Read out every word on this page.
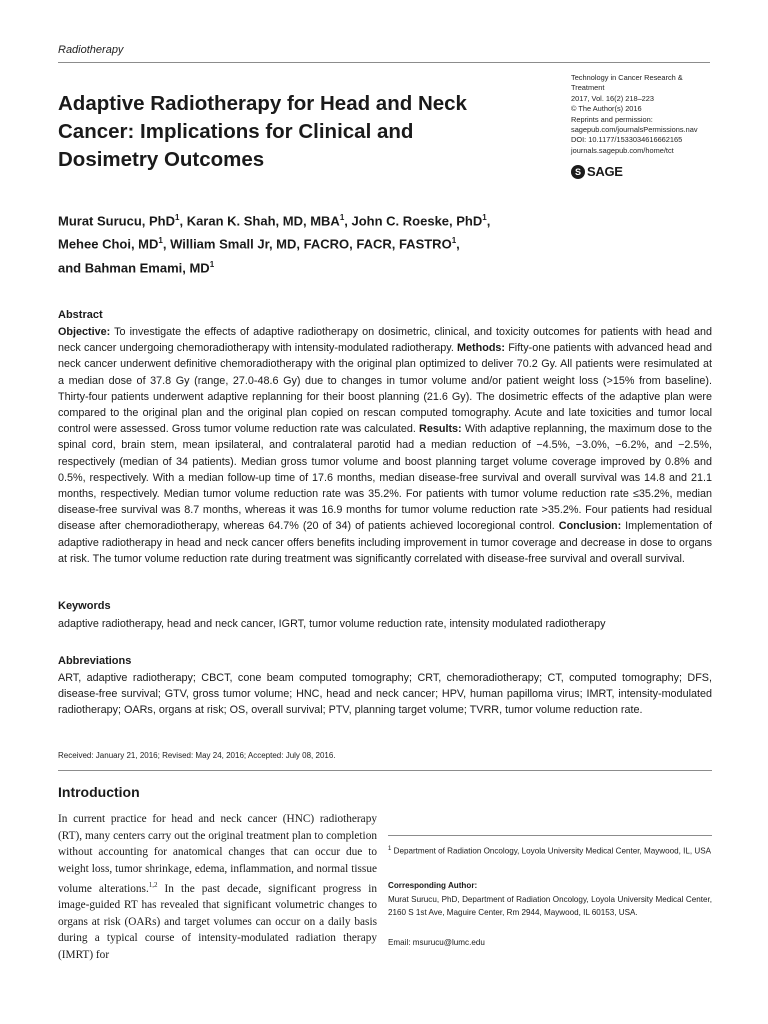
Radiotherapy
Adaptive Radiotherapy for Head and Neck Cancer: Implications for Clinical and Dosimetry Outcomes
Technology in Cancer Research &
Treatment
2017, Vol. 16(2) 218–223
© The Author(s) 2016
Reprints and permission:
sagepub.com/journalsPermissions.nav
DOI: 10.1177/1533034616662165
journals.sagepub.com/home/tct
S SAGE
Murat Surucu, PhD$^1$, Karan K. Shah, MD, MBA$^1$, John C. Roeske, PhD$^1$,
Mehee Choi, $MD^1$, William Small Jr, MD, FACRO, FACR, FASTRO$^1$,
and Bahman Emami, $MD^1$
Abstract

Objective: To investigate the effects of adaptive radiotherapy on dosimetric, clinical, and toxicity outcomes for patients with head and neck cancer undergoing chemoradiotherapy with intensity-modulated radiotherapy. Methods: Fifty-one patients with advanced head and neck cancer underwent definitive chemoradiotherapy with the original plan optimized to deliver 70.2 Gy. All patients were resimulated at a median dose of 37.8 Gy (range, 27.0-48.6 Gy) due to changes in tumor volume and/or patient weight loss (>15% from baseline). Thirty-four patients underwent adaptive replanning for their boost planning (21.6 Gy). The dosimetric effects of the adaptive plan were compared to the original plan and the original plan copied on rescan computed tomography. Acute and late toxicities and tumor local control were assessed. Gross tumor volume reduction rate was calculated. Results: With adaptive replanning, the maximum dose to the spinal cord, brain stem, mean ipsilateral, and contralateral parotid had a median reduction of −4.5%, −3.0%, −6.2%, and −2.5%, respectively (median of 34 patients). Median gross tumor volume and boost planning target volume coverage improved by 0.8% and 0.5%, respectively. With a median follow-up time of 17.6 months, median disease-free survival and overall survival was 14.8 and 21.1 months, respectively. Median tumor volume reduction rate was 35.2%. For patients with tumor volume reduction rate ≤35.2%, median disease-free survival was 8.7 months, whereas it was 16.9 months for tumor volume reduction rate >35.2%. Four patients had residual disease after chemoradiotherapy, whereas 64.7% (20 of 34) of patients achieved locoregional control. Conclusion: Implementation of adaptive radiotherapy in head and neck cancer offers benefits including improvement in tumor coverage and decrease in dose to organs at risk. The tumor volume reduction rate during treatment was significantly correlated with disease-free survival and overall survival.

Keywords
adaptive radiotherapy, head and neck cancer, IGRT, tumor volume reduction rate, intensity modulated radiotherapy
Abbreviations
ART, adaptive radiotherapy; CBCT, cone beam computed tomography; CRT, chemoradiotherapy; CT, computed tomography; DFS, disease-free survival; GTV, gross tumor volume; HNC, head and neck cancer; HPV, human papilloma virus; IMRT, intensity-modulated radiotherapy; OARs, organs at risk; OS, overall survival; PTV, planning target volume; TVRR, tumor volume reduction rate.
Received: January 21, 2016; Revised: May 24, 2016; Accepted: July 08, 2016.
Introduction

In current practice for head and neck cancer (HNC) radiotherapy (RT), many centers carry out the original treatment plan to completion without accounting for anatomical changes that can occur due to weight loss, tumor shrinkage, edema, inflammation, and normal tissue volume alterations.$^{1,2}$ In the past decade, significant progress in image-guided RT has revealed that significant volumetric changes to organs at risk (OARs) and target volumes can occur on a daily basis during a typical course of intensity-modulated radiation therapy (IMRT) for

$^1$ Department of Radiation Oncology, Loyola University Medical Center, Maywood, IL, USA
Corresponding Author:
Murat Surucu, PhD, Department of Radiation Oncology, Loyola University Medical Center, 2160 S 1st Ave, Maguire Center, Rm 2944, Maywood, IL 60153, USA.
Email: msurucu@lumc.edu
